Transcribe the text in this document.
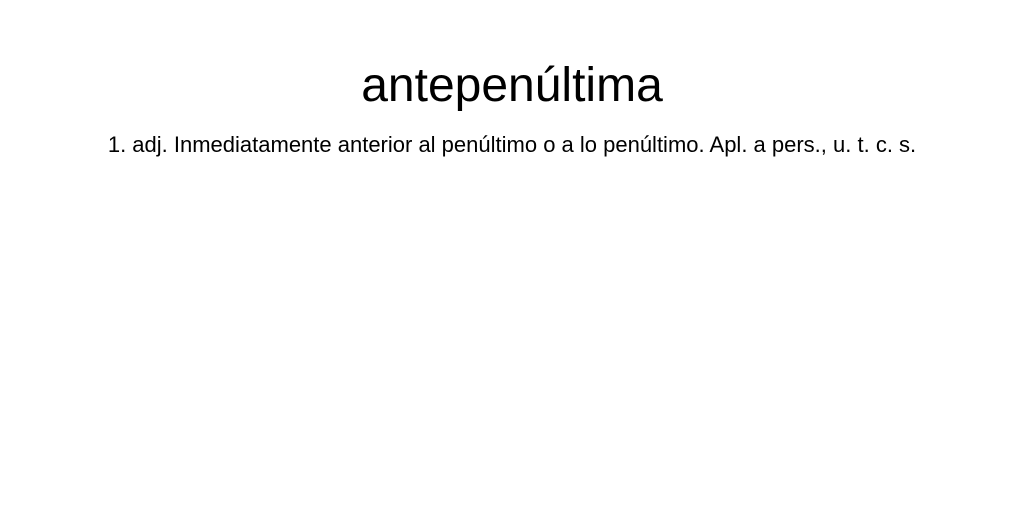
antepenúltima

1. adj. Inmediatamente anterior al penúltimo o a lo penúltimo. Apl. a pers., u. t. c. s.
